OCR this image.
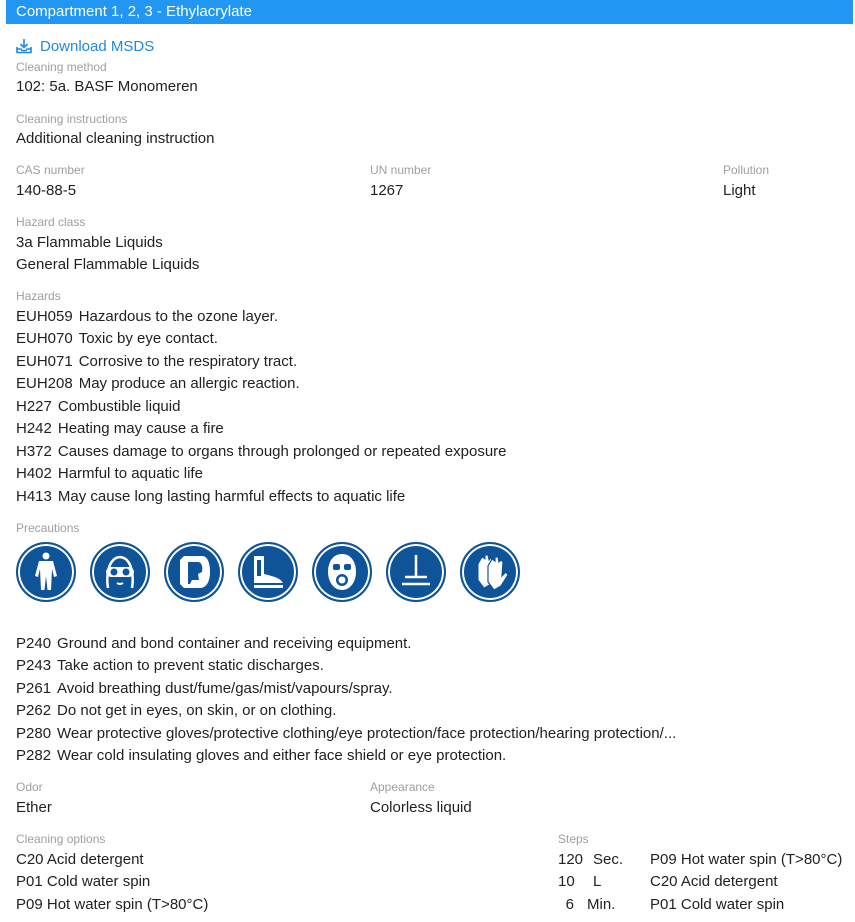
Compartment 1, 2, 3 - Ethylacrylate
Download MSDS
Cleaning method
102: 5a. BASF Monomeren
Cleaning instructions
Additional cleaning instruction
CAS number
140-88-5
UN number
1267
Pollution
Light
Hazard class
3a Flammable Liquids
General Flammable Liquids
Hazards
EUH059 Hazardous to the ozone layer.
EUH070 Toxic by eye contact.
EUH071 Corrosive to the respiratory tract.
EUH208 May produce an allergic reaction.
H227 Combustible liquid
H242 Heating may cause a fire
H372 Causes damage to organs through prolonged or repeated exposure
H402 Harmful to aquatic life
H413 May cause long lasting harmful effects to aquatic life
Precautions
P240 Ground and bond container and receiving equipment.
P243 Take action to prevent static discharges.
P261 Avoid breathing dust/fume/gas/mist/vapours/spray.
P262 Do not get in eyes, on skin, or on clothing.
P280 Wear protective gloves/protective clothing/eye protection/face protection/hearing protection/...
P282 Wear cold insulating gloves and either face shield or eye protection.
Odor
Ether
Appearance
Colorless liquid
Cleaning options
C20 Acid detergent
P01 Cold water spin
P09 Hot water spin (T>80°C)
Steps
120 Sec. P09 Hot water spin (T>80°C)
10 L	C20 Acid detergent
6 Min. P01 Cold water spin
